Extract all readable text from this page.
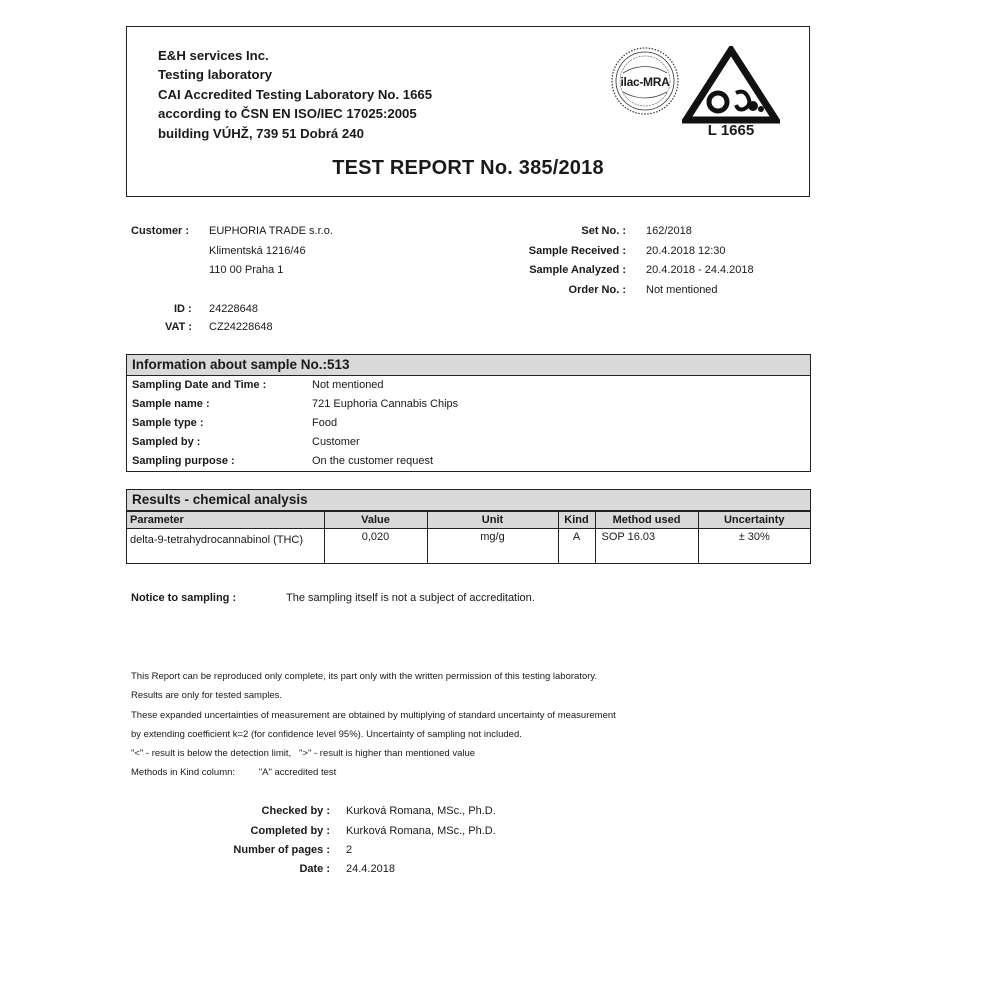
E&H services Inc.
Testing laboratory
CAI Accredited Testing Laboratory No. 1665
according to ČSN EN ISO/IEC 17025:2005
building VÚHŽ, 739 51 Dobrá 240
ilac-MRA
L 1665
TEST REPORT No. 385/2018
Customer : EUPHORIA TRADE s.r.o.
Klimentská 1216/46
110 00 Praha 1
ID : 24228648
VAT : CZ24228648
Set No. : 162/2018
Sample Received : 20.4.2018 12:30
Sample Analyzed : 20.4.2018 - 24.4.2018
Order No. : Not mentioned
Information about sample No.:513
Sampling Date and Time :	Not mentioned
Sample name :	721 Euphoria Cannabis Chips
Sample type :	Food
Sampled by :	Customer
Sampling purpose :	On the customer request
Results - chemical analysis
Parameter	Value	Unit	Kind	Method used	Uncertainty
delta-9-tetrahydrocannabinol (THC)	0,020	mg/g	A	SOP 16.03	± 30%
Notice to sampling :	The sampling itself is not a subject of accreditation.
This Report can be reproduced only complete, its part only with the written permission of this testing laboratory.
Results are only for tested samples.
These expanded uncertainties of measurement are obtained by multiplying of standard uncertainty of measurement
by extending coefficient k=2 (for confidence level 95%). Uncertainty of sampling not included.
"<" - result is below the detection limit,   ">" - result is higher than mentioned value
Methods in Kind column:         "A" accredited test
Checked by : Kurková Romana, MSc., Ph.D.
Completed by : Kurková Romana, MSc., Ph.D.
Number of pages : 2
Date : 24.4.2018
